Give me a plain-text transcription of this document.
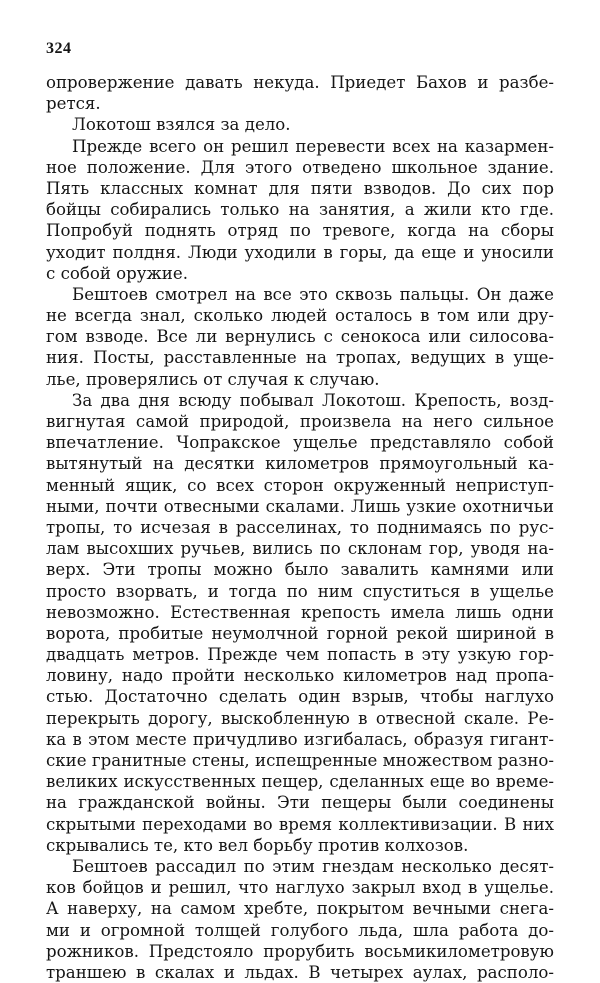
324
опровержение давать некуда. Приедет Бахов и разбе-
рется.
Локотош взялся за дело.
Прежде всего он решил перевести всех на казармен-
ное положение. Для этого отведено школьное здание.
Пять классных комнат для пяти взводов. До сих пор
бойцы собирались только на занятия, а жили кто где.
Попробуй поднять отряд по тревоге, когда на сборы
уходит полдня. Люди уходили в горы, да еще и уносили
с собой оружие.
Бештоев смотрел на все это сквозь пальцы. Он даже
не всегда знал, сколько людей осталось в том или дру-
гом взводе. Все ли вернулись с сенокоса или силосова-
ния. Посты, расставленные на тропах, ведущих в уще-
лье, проверялись от случая к случаю.
За два дня всюду побывал Локотош. Крепость, возд-
вигнутая самой природой, произвела на него сильное
впечатление. Чопракское ущелье представляло собой
вытянутый на десятки километров прямоугольный ка-
менный ящик, со всех сторон окруженный неприступ-
ными, почти отвесными скалами. Лишь узкие охотничьи
тропы, то исчезая в расселинах, то поднимаясь по рус-
лам высохших ручьев, вились по склонам гор, уводя на-
верх. Эти тропы можно было завалить камнями или
просто взорвать, и тогда по ним спуститься в ущелье
невозможно. Естественная крепость имела лишь одни
ворота, пробитые неумолчной горной рекой шириной в
двадцать метров. Прежде чем попасть в эту узкую гор-
ловину, надо пройти несколько километров над пропа-
стью. Достаточно сделать один взрыв, чтобы наглухо
перекрыть дорогу, выскобленную в отвесной скале. Ре-
ка в этом месте причудливо изгибалась, образуя гигант-
ские гранитные стены, испещренные множеством разно-
великих искусственных пещер, сделанных еще во време-
на гражданской войны. Эти пещеры были соединены
скрытыми переходами во время коллективизации. В них
скрывались те, кто вел борьбу против колхозов.
Бештоев рассадил по этим гнездам несколько десят-
ков бойцов и решил, что наглухо закрыл вход в ущелье.
А наверху, на самом хребте, покрытом вечными снега-
ми и огромной толщей голубого льда, шла работа до-
рожников. Предстояло прорубить восьмикилометровую
траншею в скалах и льдах. В четырех аулах, располо-
